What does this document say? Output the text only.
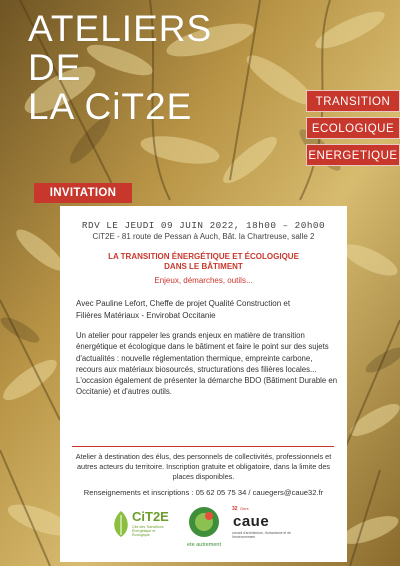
ATELIERS
DE
LA CiT2E	TRANSITION
ECOLOGIQUE
ENERGETIQUE
INVITATION
RDV LE JEUDI 09 JUIN 2022, 18h00 – 20h00
CiT2E - 81 route de Pessan à Auch, Bât. la Chartreuse, salle 2
LA TRANSITION ÉNERGÉTIQUE ET ÉCOLOGIQUE
DANS LE BÂTIMENT
Enjeux, démarches, outils...
Avec Pauline Lefort, Cheffe de projet Qualité Construction et
Filières Matériaux - Envirobat Occitanie
Un atelier pour rappeler les grands enjeux en matière de transition énergétique et écologique dans le bâtiment et faire le point sur des sujets d'actualités : nouvelle réglementation thermique, empreinte carbone, recours aux matériaux biosourcés, structurations des filières locales... L'occasion également de présenter la démarche BDO (Bâtiment Durable en Occitanie) et d'autres outils.
Atelier à destination des élus, des personnels de collectivités, professionnels et autres acteurs du territoire. Inscription gratuite et obligatoire, dans la limite des places disponibles.
Renseignements et inscriptions : 05 62 05 75 34 / cauegers@caue32.fr
CiT2E
Cité des Transitions Énergétique et Écologique
ete autrement
32 Gers
caue
conseil d'architecture, d'urbanisme et de l'environnement
